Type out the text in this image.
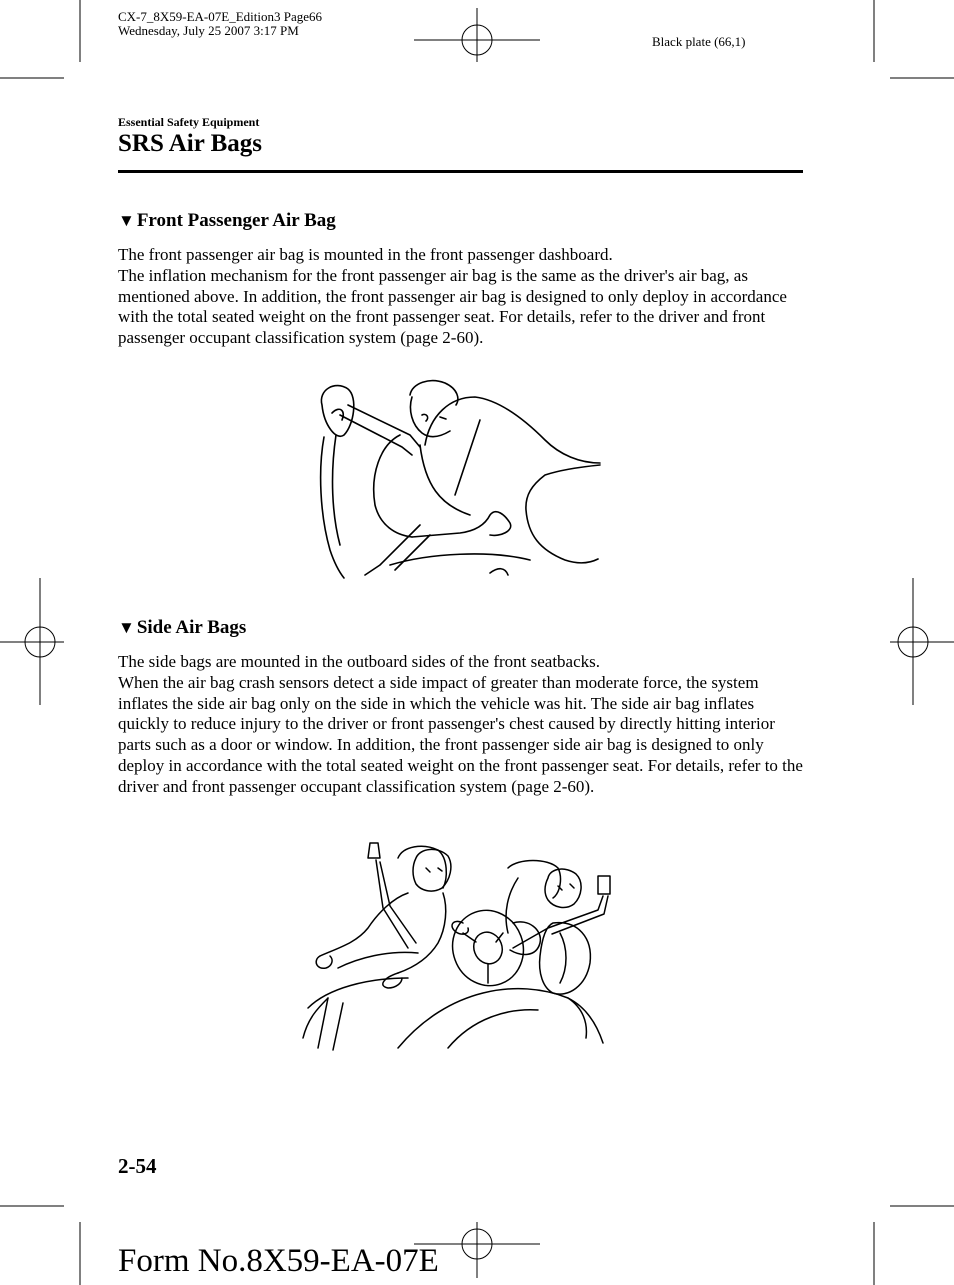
CX-7_8X59-EA-07E_Edition3 Page66
Wednesday, July 25 2007 3:17 PM
Black plate (66,1)
Essential Safety Equipment
SRS Air Bags
▼ Front Passenger Air Bag

The front passenger air bag is mounted in the front passenger dashboard.

The inflation mechanism for the front passenger air bag is the same as the driver's air bag, as mentioned above. In addition, the front passenger air bag is designed to only deploy in accordance with the total seated weight on the front passenger seat. For details, refer to the driver and front passenger occupant classification system (page 2-60).

▼ Side Air Bags

The side bags are mounted in the outboard sides of the front seatbacks.

When the air bag crash sensors detect a side impact of greater than moderate force, the system inflates the side air bag only on the side in which the vehicle was hit. The side air bag inflates quickly to reduce injury to the driver or front passenger's chest caused by directly hitting interior parts such as a door or window. In addition, the front passenger side air bag is designed to only deploy in accordance with the total seated weight on the front passenger seat. For details, refer to the driver and front passenger occupant classification system (page 2-60).

2-54
Form No.8X59-EA-07E
